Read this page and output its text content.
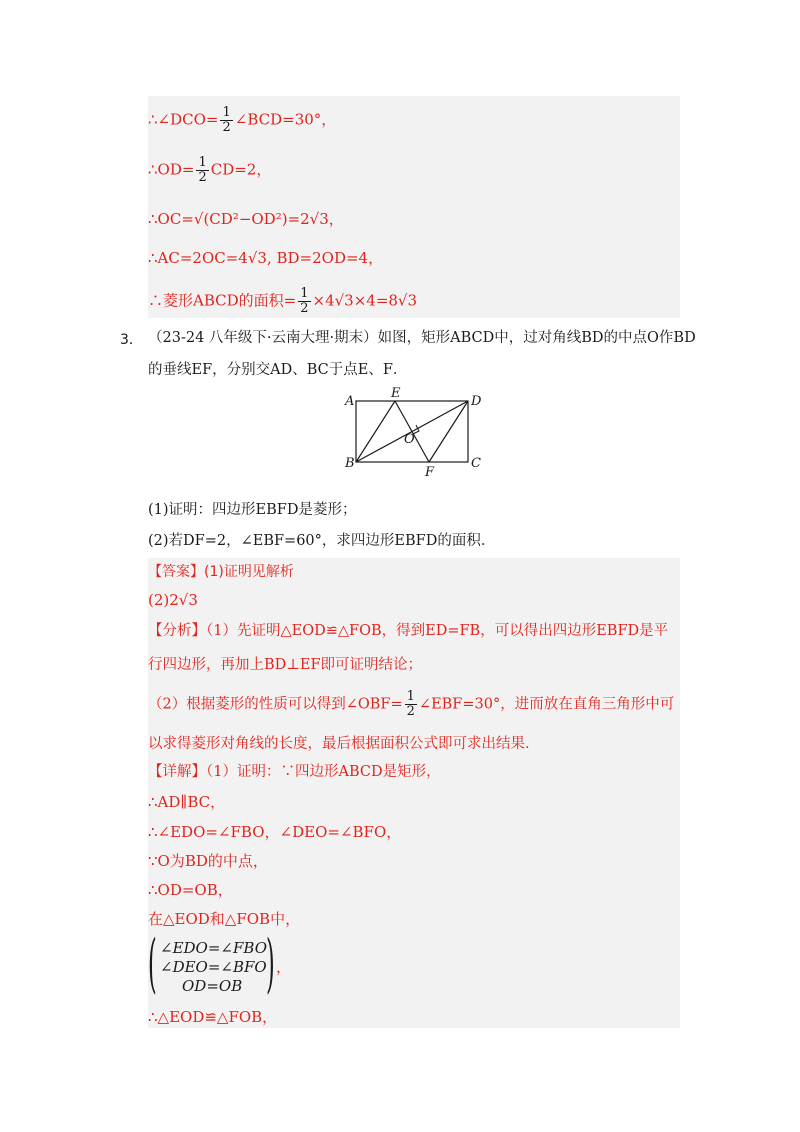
∴∠DCO= $\frac{1}{2}$ ∠BCD=30°，
∴OD= $\frac{1}{2} CD=2$，
∴OC=√(CD²−OD²)=2√3，
∴AC=2OC=4√3, BD=2OD=4，
∴菱形ABCD的面积= $\frac{1}{2} \times 4√3\times 4=8√3$
3． （23-24 八年级下·云南大理·期末）如图，矩形ABCD中，过对角线BD的中点O作BD
的垂线EF，分别交AD、BC于点E、F．
A
B	C
D
E
F
O
(1)证明：四边形EBFD是菱形；
(2)若DF=2，∠EBF=60°，求四边形EBFD的面积．
【答案】(1)证明见解析
(2)2√3
【分析】（1）先证明△EOD≌△FOB，得到ED=FB，可以得出四边形EBFD是平
行四边形，再加上BD⊥EF即可证明结论；
（2）根据菱形的性质可以得到∠OBF= $\frac{1}{2}$ ∠EBF=30°，进而放在直角三角形中可
以求得菱形对角线的长度，最后根据面积公式即可求出结果．
【详解】（1）证明：∵四边形ABCD是矩形，
∴AD∥BC，
∴∠EDO=∠FBO，∠DEO=∠BFO，
∵O为BD的中点，
∴OD=OB，
在△EOD和△FOB中，
( ∠EDO=∠FBO
∠DEO=∠BFO
OD=OB ) ，
∴△EOD≌△FOB，
